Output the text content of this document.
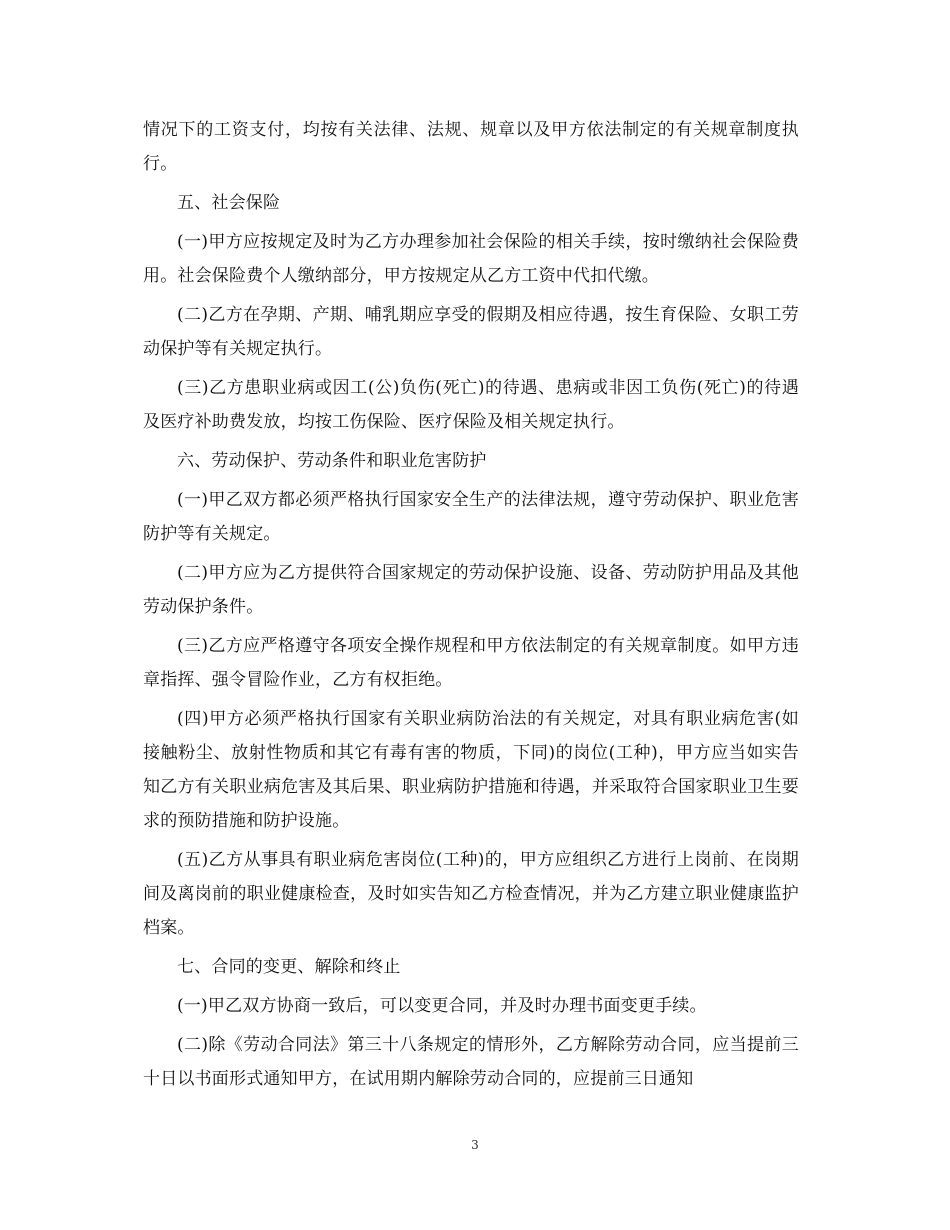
情况下的工资支付，均按有关法律、法规、规章以及甲方依法制定的有关规章制度执行。

五、社会保险

(一)甲方应按规定及时为乙方办理参加社会保险的相关手续，按时缴纳社会保险费用。社会保险费个人缴纳部分，甲方按规定从乙方工资中代扣代缴。

(二)乙方在孕期、产期、哺乳期应享受的假期及相应待遇，按生育保险、女职工劳动保护等有关规定执行。

(三)乙方患职业病或因工(公)负伤(死亡)的待遇、患病或非因工负伤(死亡)的待遇及医疗补助费发放，均按工伤保险、医疗保险及相关规定执行。

六、劳动保护、劳动条件和职业危害防护

(一)甲乙双方都必须严格执行国家安全生产的法律法规，遵守劳动保护、职业危害防护等有关规定。

(二)甲方应为乙方提供符合国家规定的劳动保护设施、设备、劳动防护用品及其他劳动保护条件。

(三)乙方应严格遵守各项安全操作规程和甲方依法制定的有关规章制度。如甲方违章指挥、强令冒险作业，乙方有权拒绝。

(四)甲方必须严格执行国家有关职业病防治法的有关规定，对具有职业病危害(如接触粉尘、放射性物质和其它有毒有害的物质，下同)的岗位(工种)，甲方应当如实告知乙方有关职业病危害及其后果、职业病防护措施和待遇，并采取符合国家职业卫生要求的预防措施和防护设施。

(五)乙方从事具有职业病危害岗位(工种)的，甲方应组织乙方进行上岗前、在岗期间及离岗前的职业健康检查，及时如实告知乙方检查情况，并为乙方建立职业健康监护档案。

七、合同的变更、解除和终止

(一)甲乙双方协商一致后，可以变更合同，并及时办理书面变更手续。

(二)除《劳动合同法》第三十八条规定的情形外，乙方解除劳动合同，应当提前三十日以书面形式通知甲方，在试用期内解除劳动合同的，应提前三日通知

3
